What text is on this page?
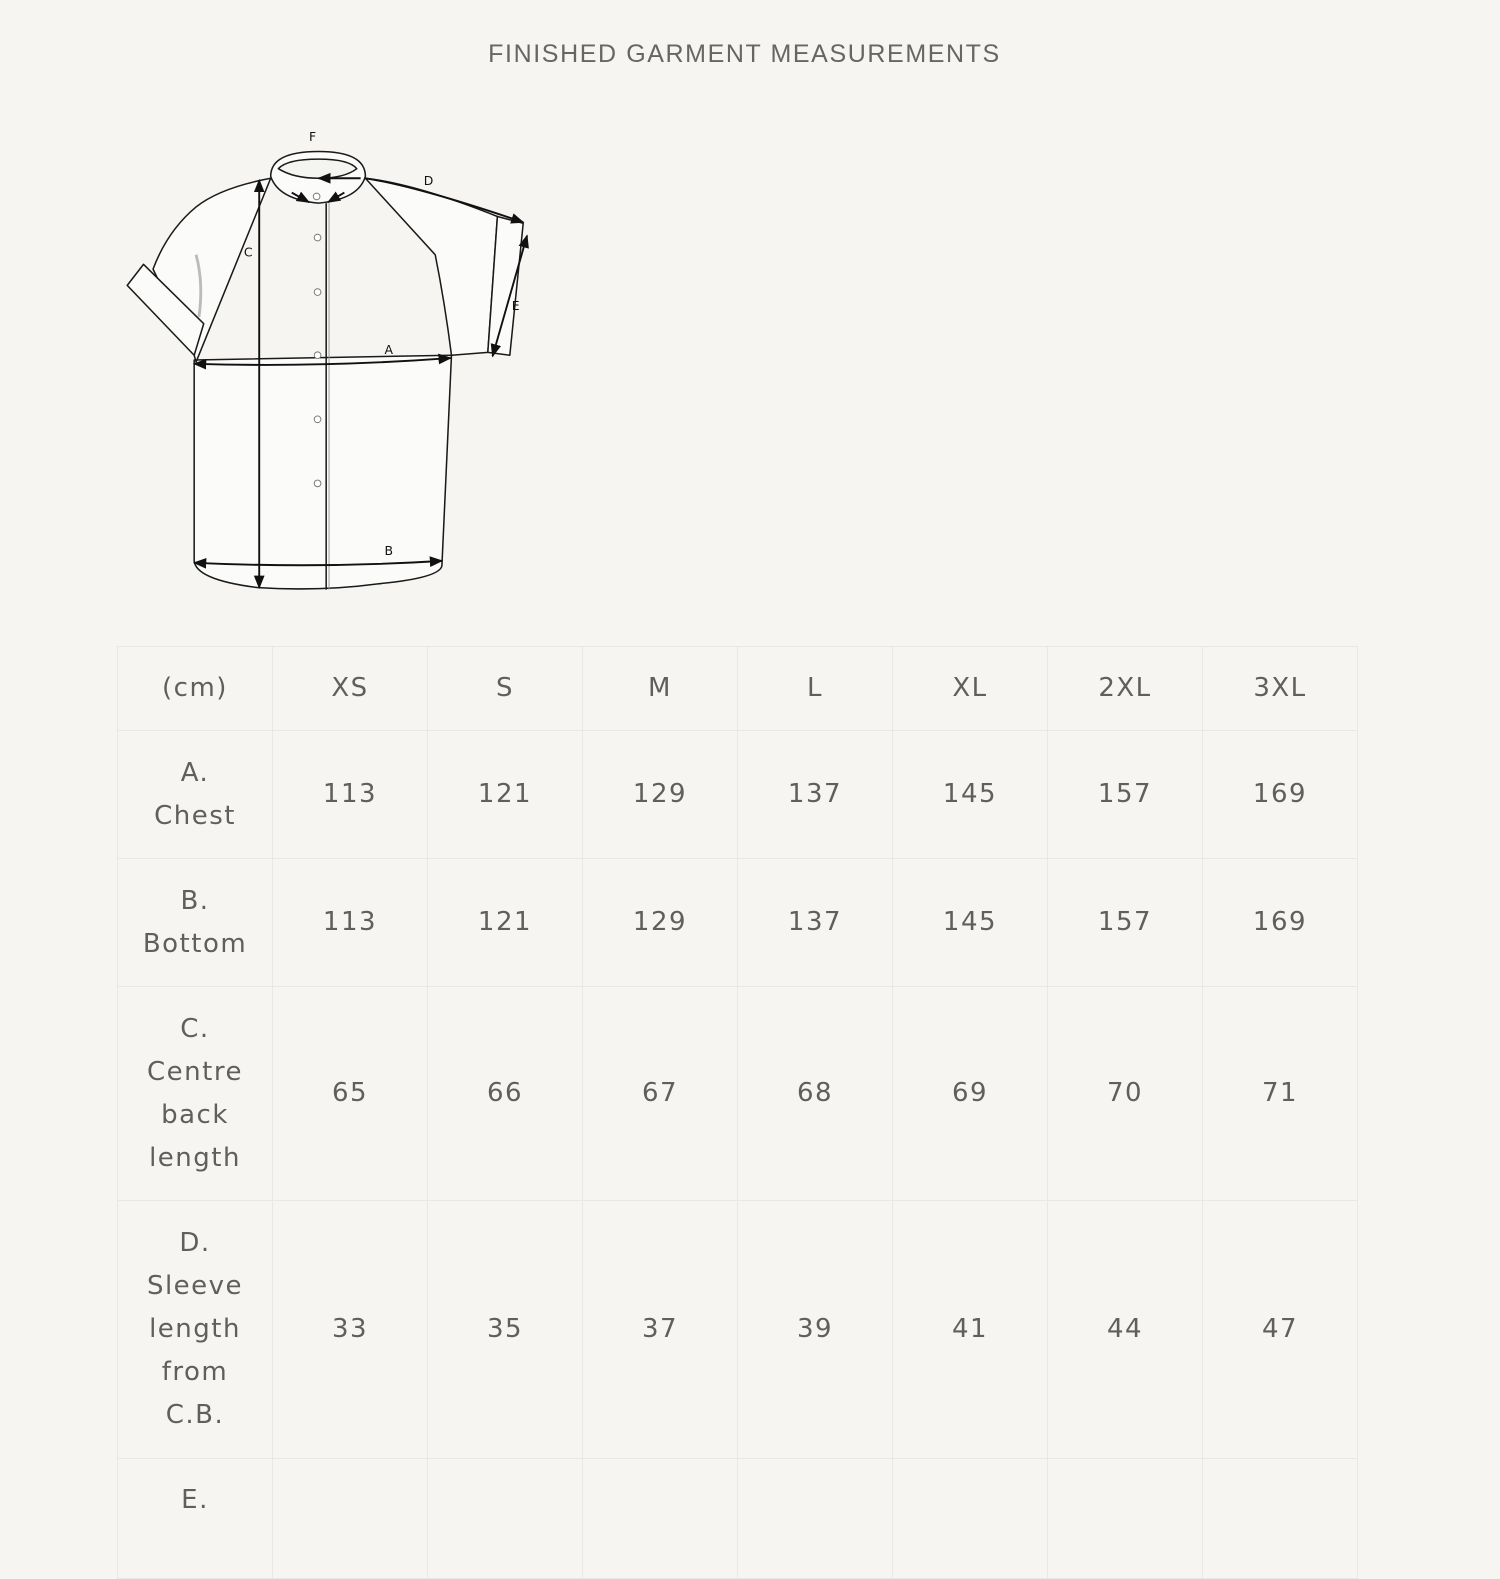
FINISHED GARMENT MEASUREMENTS
F
D
C
E
A
B
(cm)	XS	S	M	L	XL	2XL	3XL

A.
Chest	113	121	129	137	145	157	169

B.
Bottom	113	121	129	137	145	157	169

C.
Centre
back
length	65	66	67	68	69	70	71

D.
Sleeve
length
from
C.B.	33	35	37	39	41	44	47

E.							
